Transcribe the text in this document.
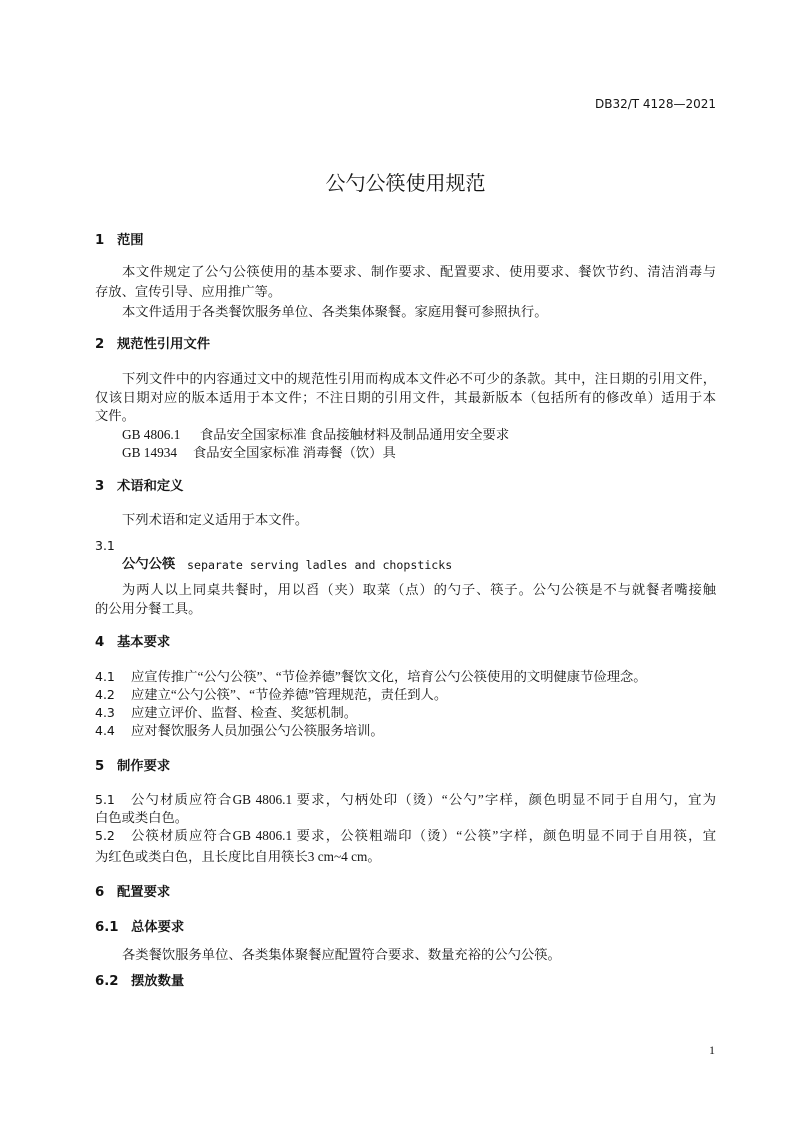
DB32/T 4128—2021
公勺公筷使用规范
1 范围
本文件规定了公勺公筷使用的基本要求、制作要求、配置要求、使用要求、餐饮节约、清洁消毒与
存放、宣传引导、应用推广等。
本文件适用于各类餐饮服务单位、各类集体聚餐。家庭用餐可参照执行。
2 规范性引用文件
下列文件中的内容通过文中的规范性引用而构成本文件必不可少的条款。其中，注日期的引用文件，
仅该日期对应的版本适用于本文件；不注日期的引用文件，其最新版本（包括所有的修改单）适用于本
文件。
GB 4806.1 食品安全国家标准 食品接触材料及制品通用安全要求
GB 14934 食品安全国家标准 消毒餐（饮）具
3 术语和定义
下列术语和定义适用于本文件。
3.1
公勺公筷 separate serving ladles and chopsticks
为两人以上同桌共餐时，用以舀（夹）取菜（点）的勺子、筷子。公勺公筷是不与就餐者嘴接触
的公用分餐工具。
4 基本要求
4.1 应宣传推广“公勺公筷”、“节俭养德”餐饮文化，培育公勺公筷使用的文明健康节俭理念。
4.2 应建立“公勺公筷”、“节俭养德”管理规范，责任到人。
4.3 应建立评价、监督、检查、奖惩机制。
4.4 应对餐饮服务人员加强公勺公筷服务培训。
5 制作要求
5.1 公勺材质应符合GB 4806.1 要求，勺柄处印（烫）“公勺”字样，颜色明显不同于自用勺，宜为
白色或类白色。
5.2 公筷材质应符合GB 4806.1 要求，公筷粗端印（烫）“公筷”字样，颜色明显不同于自用筷，宜
为红色或类白色，且长度比自用筷长3 cm~4 cm。
6 配置要求
6.1 总体要求
各类餐饮服务单位、各类集体聚餐应配置符合要求、数量充裕的公勺公筷。
6.2 摆放数量
1
